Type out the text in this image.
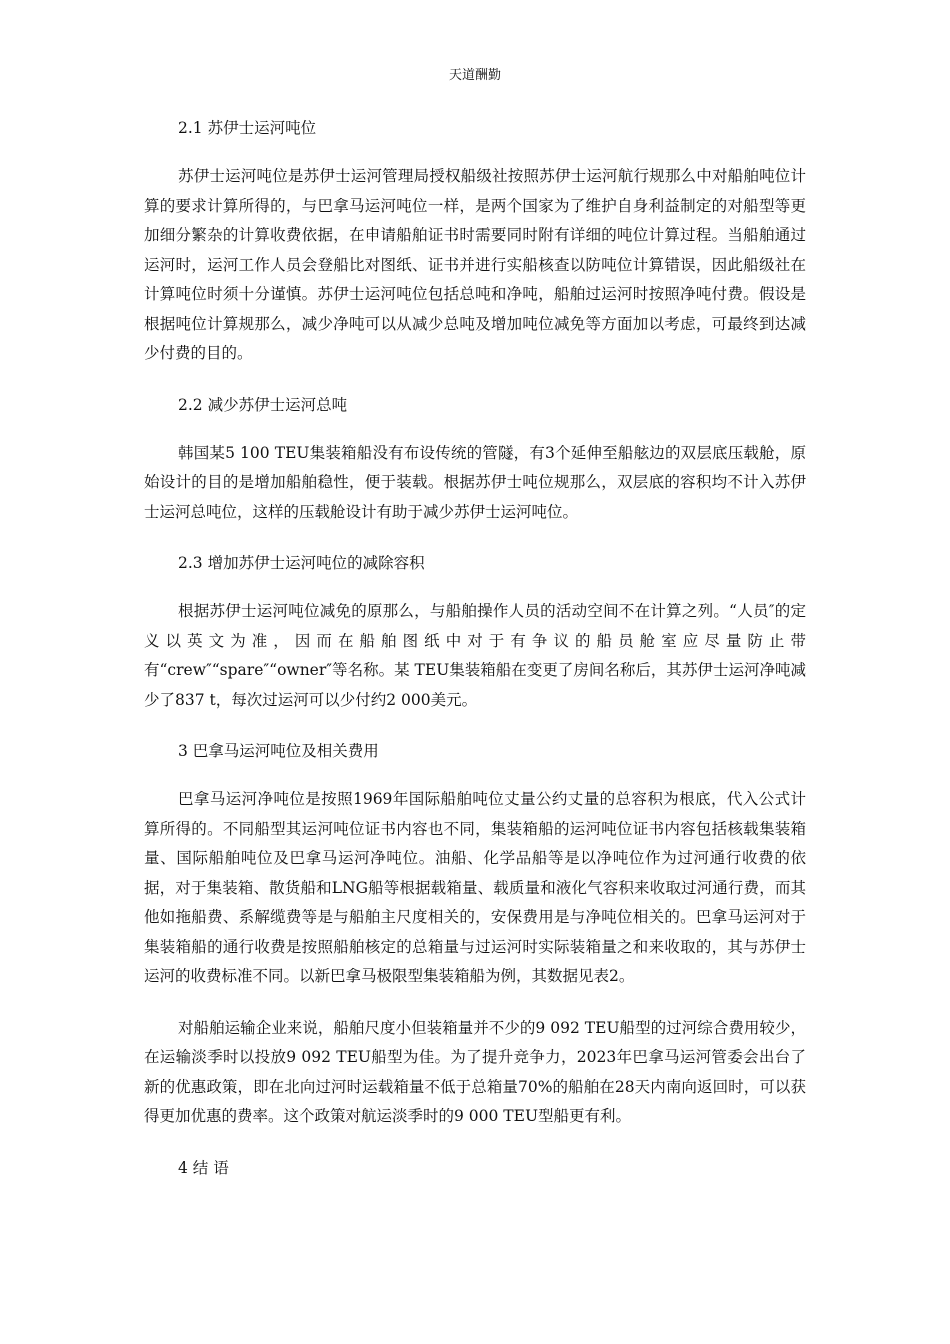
天道酬勤

2.1 苏伊士运河吨位

苏伊士运河吨位是苏伊士运河管理局授权船级社按照苏伊士运河航行规那么中对船舶吨位计算的要求计算所得的，与巴拿马运河吨位一样，是两个国家为了维护自身利益制定的对船型等更加细分繁杂的计算收费依据，在申请船舶证书时需要同时附有详细的吨位计算过程。当船舶通过运河时，运河工作人员会登船比对图纸、证书并进行实船核查以防吨位计算错误，因此船级社在计算吨位时须十分谨慎。苏伊士运河吨位包括总吨和净吨，船舶过运河时按照净吨付费。假设是根据吨位计算规那么，减少净吨可以从减少总吨及增加吨位减免等方面加以考虑，可最终到达减少付费的目的。

2.2 减少苏伊士运河总吨

韩国某5 100 TEU集装箱船没有布设传统的管隧，有3个延伸至船舷边的双层底压载舱，原始设计的目的是增加船舶稳性，便于装载。根据苏伊士吨位规那么，双层底的容积均不计入苏伊士运河总吨位，这样的压载舱设计有助于减少苏伊士运河吨位。

2.3 增加苏伊士运河吨位的减除容积

根据苏伊士运河吨位减免的原那么，与船舶操作人员的活动空间不在计算之列。“人员″的定义以英文为准，因而在船舶图纸中对于有争议的船员舱室应尽量防止带有“crew″“spare″“owner″等名称。某 TEU集装箱船在变更了房间名称后，其苏伊士运河净吨减少了837 t，每次过运河可以少付约2 000美元。

3 巴拿马运河吨位及相关费用

巴拿马运河净吨位是按照1969年国际船舶吨位丈量公约丈量的总容积为根底，代入公式计算所得的。不同船型其运河吨位证书内容也不同，集装箱船的运河吨位证书内容包括核载集装箱量、国际船舶吨位及巴拿马运河净吨位。油船、化学品船等是以净吨位作为过河通行收费的依据，对于集装箱、散货船和LNG船等根据载箱量、载质量和液化气容积来收取过河通行费，而其他如拖船费、系解缆费等是与船舶主尺度相关的，安保费用是与净吨位相关的。巴拿马运河对于集装箱船的通行收费是按照船舶核定的总箱量与过运河时实际装箱量之和来收取的，其与苏伊士运河的收费标准不同。以新巴拿马极限型集装箱船为例，其数据见表2。

对船舶运输企业来说，船舶尺度小但装箱量并不少的9 092 TEU船型的过河综合费用较少，在运输淡季时以投放9 092 TEU船型为佳。为了提升竞争力，2023年巴拿马运河管委会出台了新的优惠政策，即在北向过河时运载箱量不低于总箱量70%的船舶在28天内南向返回时，可以获得更加优惠的费率。这个政策对航运淡季时的9 000 TEU型船更有利。

4 结 语
